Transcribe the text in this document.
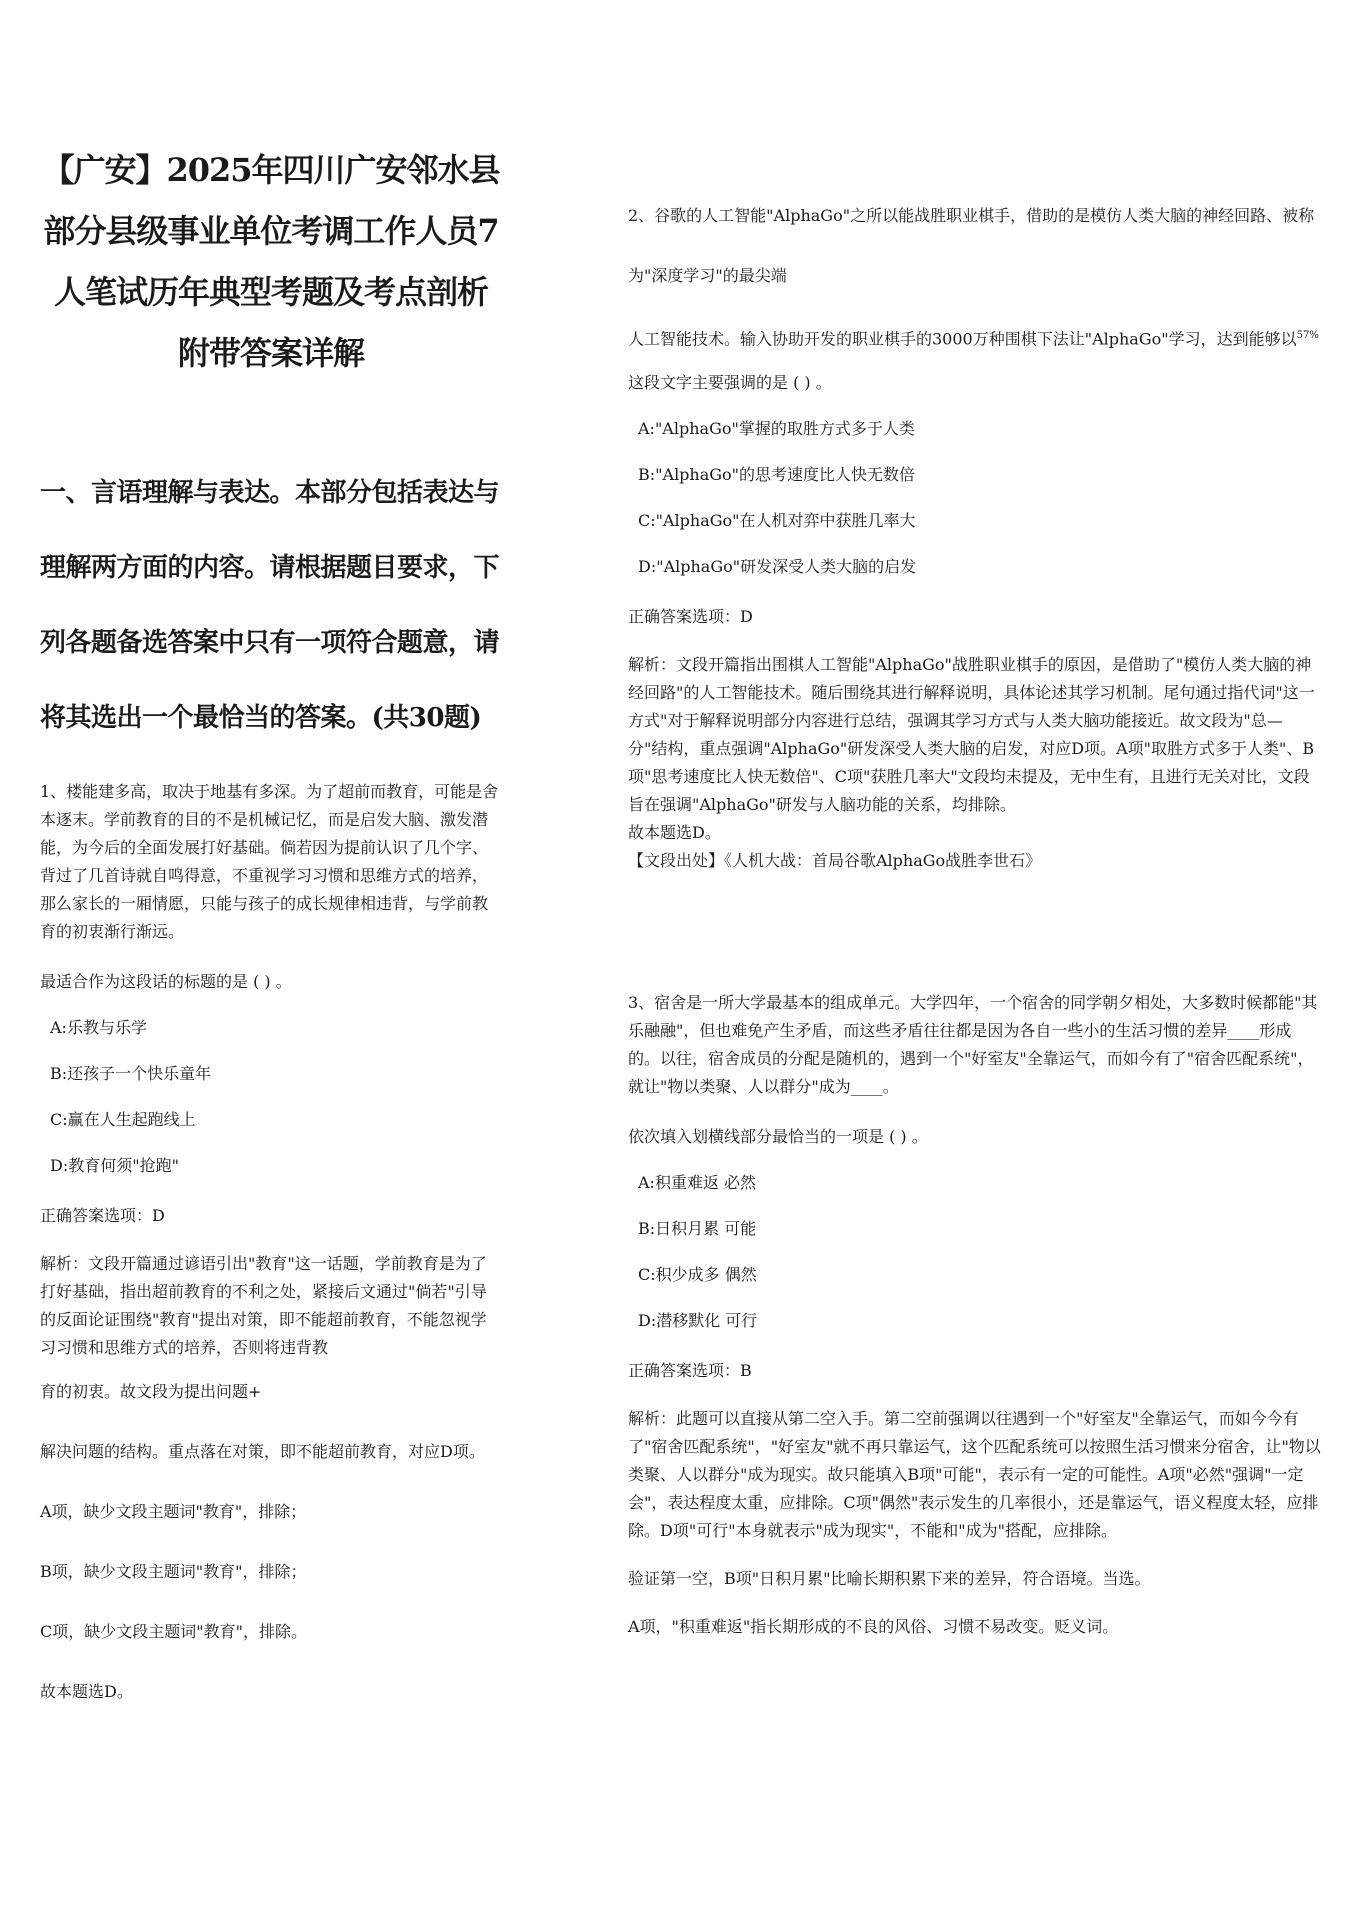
【广安】2025年四川广安邻水县部分县级事业单位考调工作人员7人笔试历年典型考题及考点剖析附带答案详解
一、言语理解与表达。本部分包括表达与理解两方面的内容。请根据题目要求，下列各题备选答案中只有一项符合题意，请将其选出一个最恰当的答案。(共30题)

1、楼能建多高，取决于地基有多深。为了超前而教育，可能是舍本逐末。学前教育的目的不是机械记忆，而是启发大脑、激发潜能，为今后的全面发展打好基础。倘若因为提前认识了几个字、背过了几首诗就自鸣得意，不重视学习习惯和思维方式的培养，那么家长的一厢情愿，只能与孩子的成长规律相违背，与学前教育的初衷渐行渐远。

最适合作为这段话的标题的是 ( ) 。

A:乐教与乐学
B:还孩子一个快乐童年
C:赢在人生起跑线上
D:教育何须"抢跑"
正确答案选项：D

解析：文段开篇通过谚语引出"教育"这一话题，学前教育是为了打好基础，指出超前教育的不利之处，紧接后文通过"倘若"引导的反面论证围绕"教育"提出对策，即不能超前教育，不能忽视学习习惯和思维方式的培养，否则将违背教

育的初衷。故文段为提出问题+

解决问题的结构。重点落在对策，即不能超前教育，对应D项。

A项，缺少文段主题词"教育"，排除；

B项，缺少文段主题词"教育"，排除；

C项，缺少文段主题词"教育"，排除。

故本题选D。

2、谷歌的人工智能"AlphaGo"之所以能战胜职业棋手，借助的是模仿人类大脑的神经回路、被称为"深度学习"的最尖端

人工智能技术。输入协助开发的职业棋手的3000万种围棋下法让"AlphaGo"学习，达到能够以$^{57\%}$

这段文字主要强调的是 ( ) 。

A:"AlphaGo"掌握的取胜方式多于人类
B:"AlphaGo"的思考速度比人快无数倍
C:"AlphaGo"在人机对弈中获胜几率大
D:"AlphaGo"研发深受人类大脑的启发
正确答案选项：D

解析：文段开篇指出围棋人工智能"AlphaGo"战胜职业棋手的原因，是借助了"模仿人类大脑的神经回路"的人工智能技术。随后围绕其进行解释说明，具体论述其学习机制。尾句通过指代词"这一方式"对于解释说明部分内容进行总结，强调其学习方式与人类大脑功能接近。故文段为"总—分"结构，重点强调"AlphaGo"研发深受人类大脑的启发，对应D项。A项"取胜方式多于人类"、B项"思考速度比人快无数倍"、C项"获胜几率大"文段均未提及，无中生有，且进行无关对比，文段旨在强调"AlphaGo"研发与人脑功能的关系，均排除。

故本题选D。

【文段出处】《人机大战：首局谷歌AlphaGo战胜李世石》

3、宿舍是一所大学最基本的组成单元。大学四年，一个宿舍的同学朝夕相处，大多数时候都能"其乐融融"，但也难免产生矛盾，而这些矛盾往往都是因为各自一些小的生活习惯的差异____形成的。以往，宿舍成员的分配是随机的，遇到一个"好室友"全靠运气，而如今有了"宿舍匹配系统"，就让"物以类聚、人以群分"成为____。

依次填入划横线部分最恰当的一项是 ( ) 。

A:积重难返 必然
B:日积月累 可能
C:积少成多 偶然
D:潜移默化 可行
正确答案选项：B

解析：此题可以直接从第二空入手。第二空前强调以往遇到一个"好室友"全靠运气，而如今今有了"宿舍匹配系统"，"好室友"就不再只靠运气，这个匹配系统可以按照生活习惯来分宿舍，让"物以类聚、人以群分"成为现实。故只能填入B项"可能"，表示有一定的可能性。A项"必然"强调"一定会"，表达程度太重，应排除。C项"偶然"表示发生的几率很小，还是靠运气，语义程度太轻，应排除。D项"可行"本身就表示"成为现实"，不能和"成为"搭配，应排除。

验证第一空，B项"日积月累"比喻长期积累下来的差异，符合语境。当选。

A项，"积重难返"指长期形成的不良的风俗、习惯不易改变。贬义词。
